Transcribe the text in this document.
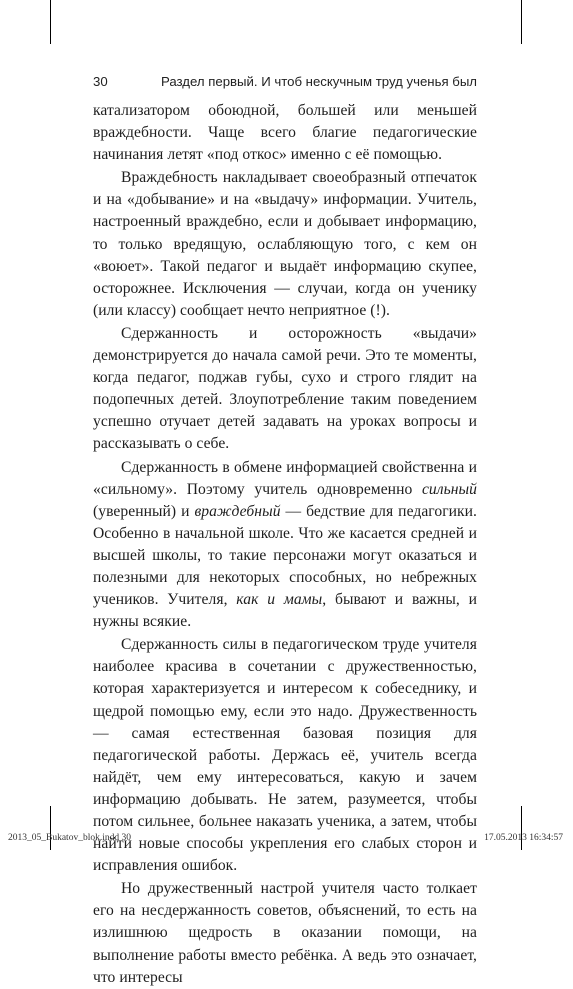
30	Раздел первый. И чтоб нескучным труд ученья был

катализатором обоюдной, большей или меньшей враждебности. Чаще всего благие педагогические начинания летят «под откос» именно с её помощью.

Враждебность накладывает своеобразный отпечаток и на «добывание» и на «выдачу» информации. Учитель, настроенный враждебно, если и добывает информацию, то только вредящую, ослабляющую того, с кем он «воюет». Такой педагог и выдаёт информацию скупее, осторожнее. Исключения — случаи, когда он ученику (или классу) сообщает нечто неприятное (!).

Сдержанность и осторожность «выдачи» демонстрируется до начала самой речи. Это те моменты, когда педагог, поджав губы, сухо и строго глядит на подопечных детей. Злоупотребление таким поведением успешно отучает детей задавать на уроках вопросы и рассказывать о себе.

Сдержанность в обмене информацией свойственна и «сильному». Поэтому учитель одновременно сильный (уверенный) и враждебный — бедствие для педагогики. Особенно в начальной школе. Что же касается средней и высшей школы, то такие персонажи могут оказаться и полезными для некоторых способных, но небрежных учеников. Учителя, как и мамы, бывают и важны, и нужны всякие.

Сдержанность силы в педагогическом труде учителя наиболее красива в сочетании с дружественностью, которая характеризуется и интересом к собеседнику, и щедрой помощью ему, если это надо. Дружественность — самая естественная базовая позиция для педагогической работы. Держась её, учитель всегда найдёт, чем ему интересоваться, какую и зачем информацию добывать. Не затем, разумеется, чтобы потом сильнее, больнее наказать ученика, а затем, чтобы найти новые способы укрепления его слабых сторон и исправления ошибок.

Но дружественный настрой учителя часто толкает его на несдержанность советов, объяснений, то есть на излишнюю щедрость в оказании помощи, на выполнение работы вместо ребёнка. А ведь это означает, что интересы

2013_05_Bukatov_blok.indd 30	17.05.2013 16:34:57
